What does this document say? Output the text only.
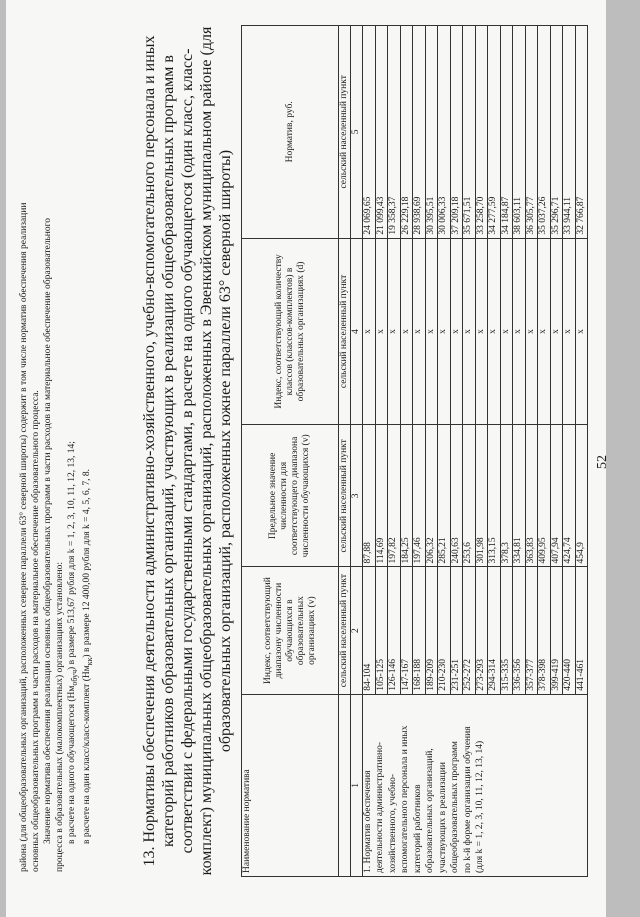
района (для общеобразовательных организаций, расположенных севернее параллели 63° северной широты) содержит в том числе норматив обеспечения реализации основных общеобразовательных программ в части расходов на материальное обеспечение образовательного процесса. Значение норматива обеспечения реализации основных общеобразовательных программ в части расходов на материальное обеспечение образовательного процесса в образовательных (малокомплектных) организациях установлено: в расчете на одного обучающегося $(Нм_{обуч})$ в размере 513,67 рубля для k = 1, 2, 3, 10, 11, 12, 13, 14;

в расчете на один класс/класс-комплект $(Нм_{кк})$ в размере 12 400,00 рубля для k = 4, 5, 6, 7, 8.	13. Нормативы обеспечения деятельности административно-хозяйственного, учебно-вспомогательного персонала и иных категорий работников образовательных организаций, участвующих в реализации общеобразовательных программ в соответствии с федеральными государственными стандартами, в расчете на одного обучающегося (один класс, класс-комплект) муниципальных общеобразовательных организаций, расположенных в Эвенкийском муниципальном районе (для образовательных организаций, расположенных южнее параллели 63° северной широты)
Наименование норматива	Индекс, соответствующий диапазону численности обучающихся в образовательных организациях (v)	Предельное значение численности для соответствующего диапазона численности обучающихся (v)	Индекс, соответствующий количеству классов (классов-комплектов) в образовательных организациях (d)	Норматив, руб.
	сельский населенный пункт	сельский населенный пункт	сельский населенный пункт	сельский населенный пункт
1	2	3	4	5
1. Норматив обеспечения	84-104	87,88	х	24 069,65
деятельности административно-	105-125	114,69	х	21 099,43
хозяйственного, учебно-	126-146	197,82	х	19 358,37
вспомогательного персонала и иных	147-167	184,25	х	26 229,18
категорий работников	168-188	197,46	х	28 938,69
образовательных организаций,	189-209	206,32	х	30 395,51
участвующих в реализации	210-230	285,21	х	30 006,33
общеобразовательных программ	231-251	240,63	х	37 209,18
по k-й форме организации обучения	252-272	253,6	х	35 671,51
(для k = 1, 2, 3, 10, 11, 12, 13, 14)	273-293	301,98	х	33 258,70
	294-314	313,15	х	34 277,59
	315-335	378,3	х	34 184,87
	336-356	334,81	х	38 603,11
	357-377	363,83	х	36 305,77
	378-398	409,95	х	35 037,26
	399-419	407,94	х	35 296,71
	420-440	424,74	х	33 944,11
	441-461	454,9	х	32 766,87
52
